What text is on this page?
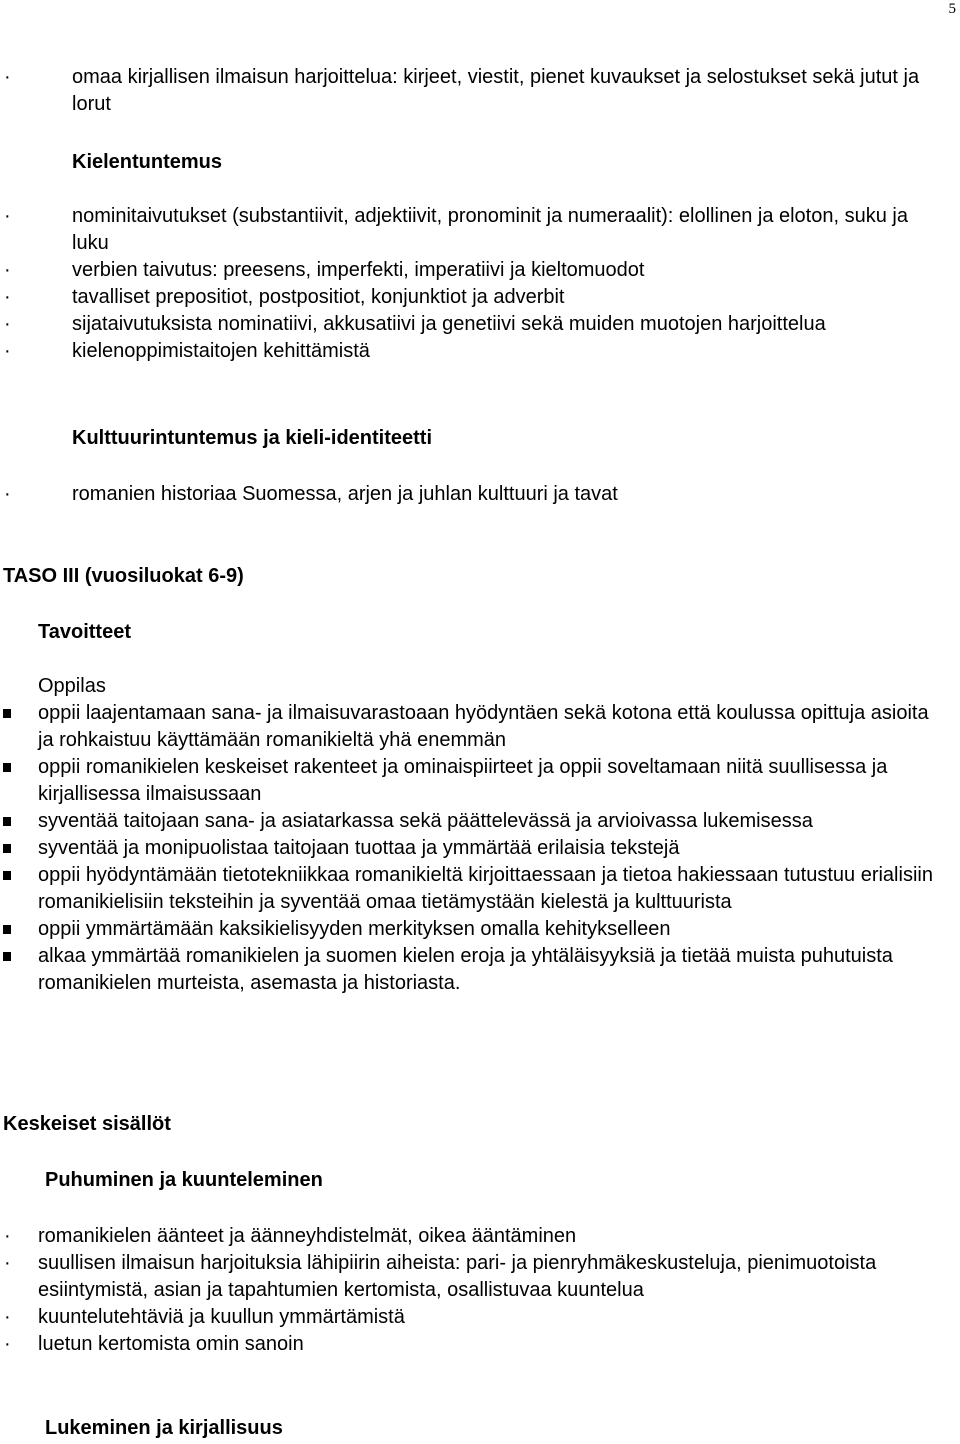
5
·	omaa kirjallisen ilmaisun harjoittelua: kirjeet, viestit, pienet kuvaukset ja selostukset sekä jutut ja lorut
Kielentuntemus
·	nominitaivutukset (substantiivit, adjektiivit, pronominit ja numeraalit): elollinen ja eloton, suku ja luku
·	verbien taivutus: preesens, imperfekti, imperatiivi ja kieltomuodot
·	tavalliset prepositiot, postpositiot, konjunktiot ja adverbit
·	sijataivutuksista nominatiivi, akkusatiivi ja genetiivi sekä muiden muotojen harjoittelua
·	kielenoppimistaitojen kehittämistä
Kulttuurintuntemus ja kieli-identiteetti
·	romanien historiaa Suomessa, arjen ja juhlan kulttuuri ja tavat
TASO III (vuosiluokat 6-9)
Tavoitteet
Oppilas
oppii laajentamaan sana- ja ilmaisuvarastoaan hyödyntäen sekä kotona että koulussa opittuja asioita ja rohkaistuu käyttämään romanikieltä yhä enemmän
oppii romanikielen keskeiset rakenteet ja ominaispiirteet ja oppii soveltamaan niitä suullisessa ja kirjallisessa ilmaisussaan
syventää taitojaan sana- ja asiatarkassa sekä päättelevässä ja arvioivassa lukemisessa
syventää ja monipuolistaa taitojaan tuottaa ja ymmärtää erilaisia tekstejä
oppii hyödyntämään tietotekniikkaa romanikieltä kirjoittaessaan ja tietoa hakiessaan tutustuu erialisiin romanikielisiin teksteihin ja syventää omaa tietämystään kielestä ja kulttuurista
oppii ymmärtämään kaksikielisyyden merkityksen omalla kehitykselleen
alkaa ymmärtää romanikielen ja suomen kielen eroja ja yhtäläisyyksiä ja tietää muista puhutuista romanikielen murteista, asemasta ja historiasta.
Keskeiset sisällöt
Puhuminen ja kuunteleminen
· romanikielen äänteet ja äänneyhdistelmät, oikea ääntäminen
· suullisen ilmaisun harjoituksia lähipiirin aiheista: pari- ja pienryhmäkeskusteluja, pienimuotoista esiintymistä, asian ja tapahtumien kertomista, osallistuvaa kuuntelua
· kuuntelutehtäviä ja kuullun ymmärtämistä
· luetun kertomista omin sanoin
Lukeminen ja kirjallisuus
